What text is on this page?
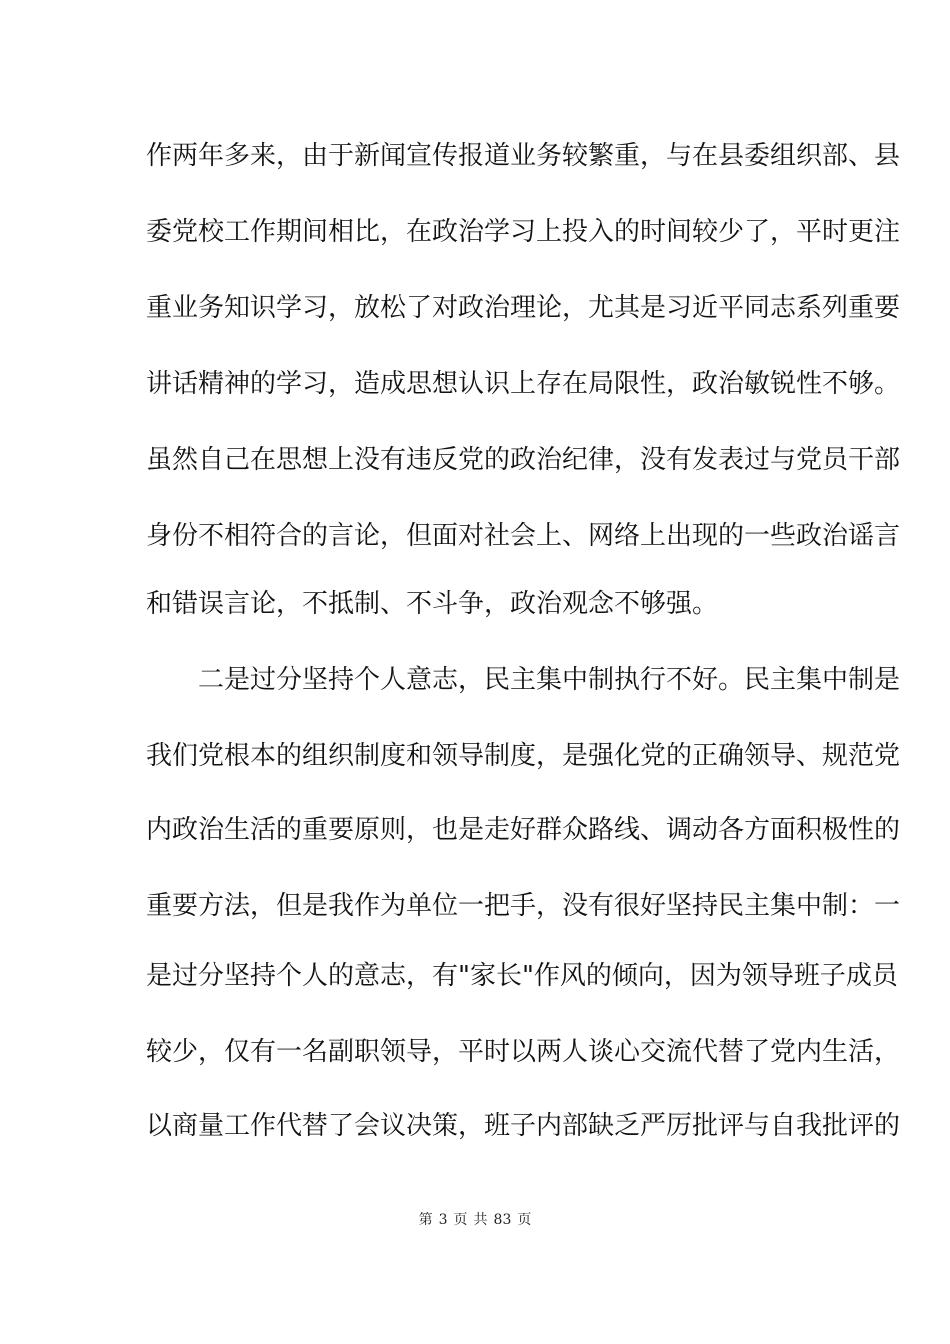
作两年多来，由于新闻宣传报道业务较繁重，与在县委组织部、县
委党校工作期间相比，在政治学习上投入的时间较少了，平时更注
重业务知识学习，放松了对政治理论，尤其是习近平同志系列重要
讲话精神的学习，造成思想认识上存在局限性，政治敏锐性不够。
虽然自己在思想上没有违反党的政治纪律，没有发表过与党员干部
身份不相符合的言论，但面对社会上、网络上出现的一些政治谣言
和错误言论，不抵制、不斗争，政治观念不够强。
二是过分坚持个人意志，民主集中制执行不好。民主集中制是
我们党根本的组织制度和领导制度，是强化党的正确领导、规范党
内政治生活的重要原则，也是走好群众路线、调动各方面积极性的
重要方法，但是我作为单位一把手，没有很好坚持民主集中制：一
是过分坚持个人的意志，有"家长"作风的倾向，因为领导班子成员
较少，仅有一名副职领导，平时以两人谈心交流代替了党内生活，
以商量工作代替了会议决策，班子内部缺乏严厉批评与自我批评的
第 3 页 共 83 页
